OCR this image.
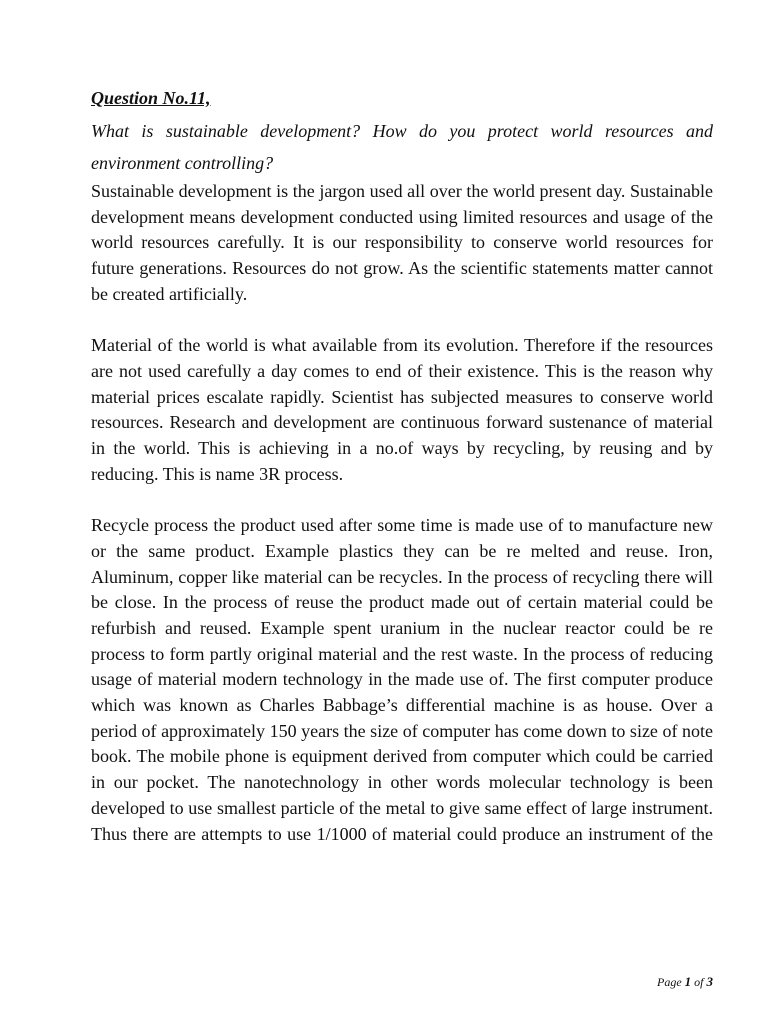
Question No.11,

What is sustainable development? How do you protect world resources and environment controlling?

Sustainable development is the jargon used all over the world present day. Sustainable development means development conducted using limited resources and usage of the world resources carefully. It is our responsibility to conserve world resources for future generations. Resources do not grow. As the scientific statements matter cannot be created artificially.

Material of the world is what available from its evolution. Therefore if the resources are not used carefully a day comes to end of their existence. This is the reason why material prices escalate rapidly. Scientist has subjected measures to conserve world resources. Research and development are continuous forward sustenance of material in the world. This is achieving in a no.of ways by recycling, by reusing and by reducing. This is name 3R process.

Recycle process the product used after some time is made use of to manufacture new or the same product. Example plastics they can be re melted and reuse. Iron, Aluminum, copper like material can be recycles. In the process of recycling there will be close. In the process of reuse the product made out of certain material could be refurbish and reused. Example spent uranium in the nuclear reactor could be re process to form partly original material and the rest waste. In the process of reducing usage of material modern technology in the made use of. The first computer produce which was known as Charles Babbage’s differential machine is as house. Over a period of approximately 150 years the size of computer has come down to size of note book. The mobile phone is equipment derived from computer which could be carried in our pocket. The nanotechnology in other words molecular technology is been developed to use smallest particle of the metal to give same effect of large instrument. Thus there are attempts to use 1/1000 of material could produce an instrument of the

Page 1 of 3
